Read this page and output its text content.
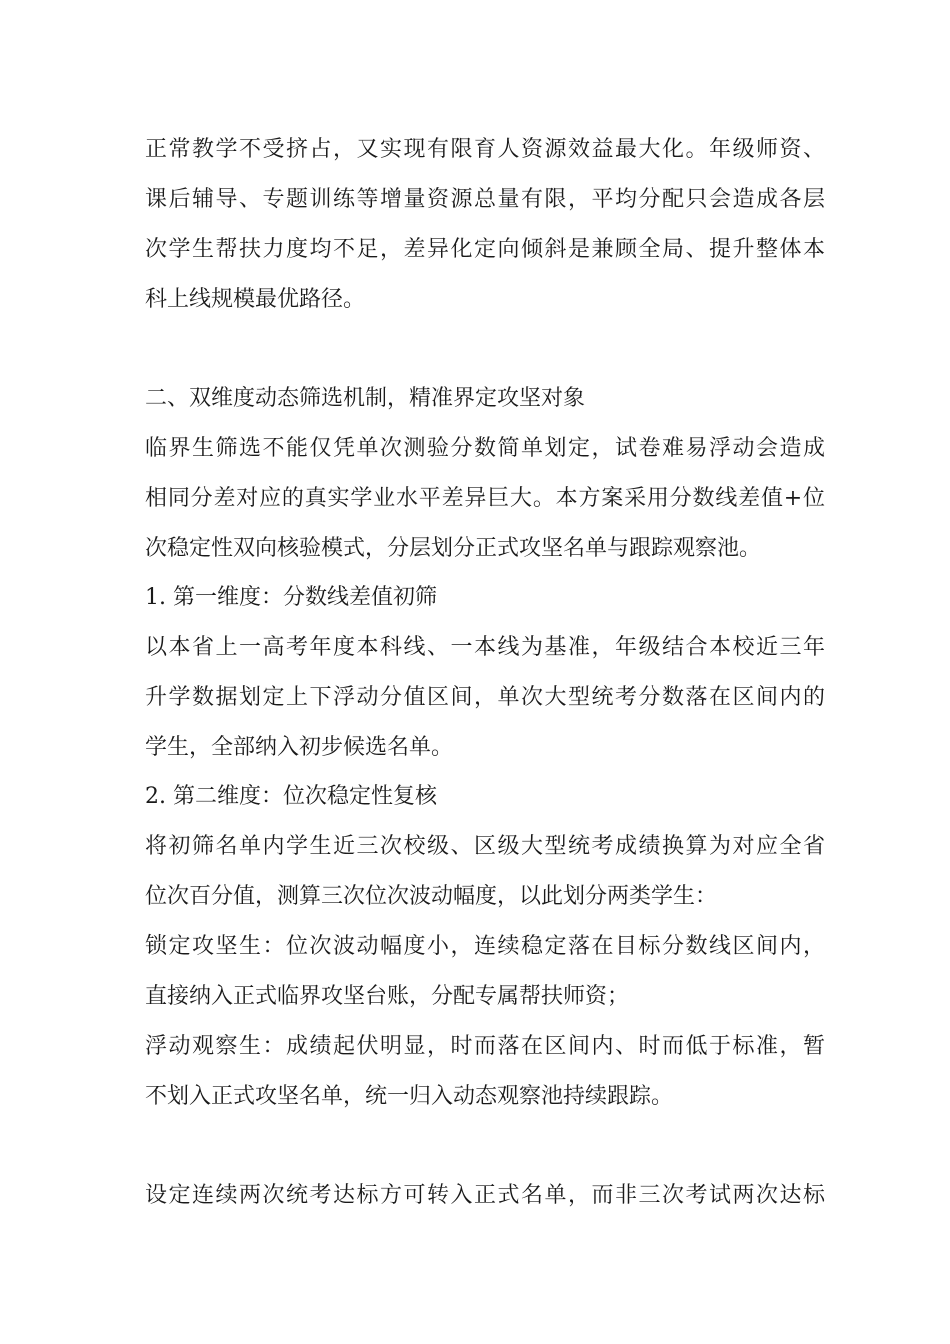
正常教学不受挤占，又实现有限育人资源效益最大化。年级师资、
课后辅导、专题训练等增量资源总量有限，平均分配只会造成各层
次学生帮扶力度均不足，差异化定向倾斜是兼顾全局、提升整体本
科上线规模最优路径。
二、双维度动态筛选机制，精准界定攻坚对象
临界生筛选不能仅凭单次测验分数简单划定，试卷难易浮动会造成
相同分差对应的真实学业水平差异巨大。本方案采用分数线差值+位
次稳定性双向核验模式，分层划分正式攻坚名单与跟踪观察池。
1. 第一维度：分数线差值初筛
以本省上一高考年度本科线、一本线为基准，年级结合本校近三年
升学数据划定上下浮动分值区间，单次大型统考分数落在区间内的
学生，全部纳入初步候选名单。
2. 第二维度：位次稳定性复核
将初筛名单内学生近三次校级、区级大型统考成绩换算为对应全省
位次百分值，测算三次位次波动幅度，以此划分两类学生：
锁定攻坚生：位次波动幅度小，连续稳定落在目标分数线区间内，
直接纳入正式临界攻坚台账，分配专属帮扶师资；
浮动观察生：成绩起伏明显，时而落在区间内、时而低于标准，暂
不划入正式攻坚名单，统一归入动态观察池持续跟踪。
设定连续两次统考达标方可转入正式名单，而非三次考试两次达标
